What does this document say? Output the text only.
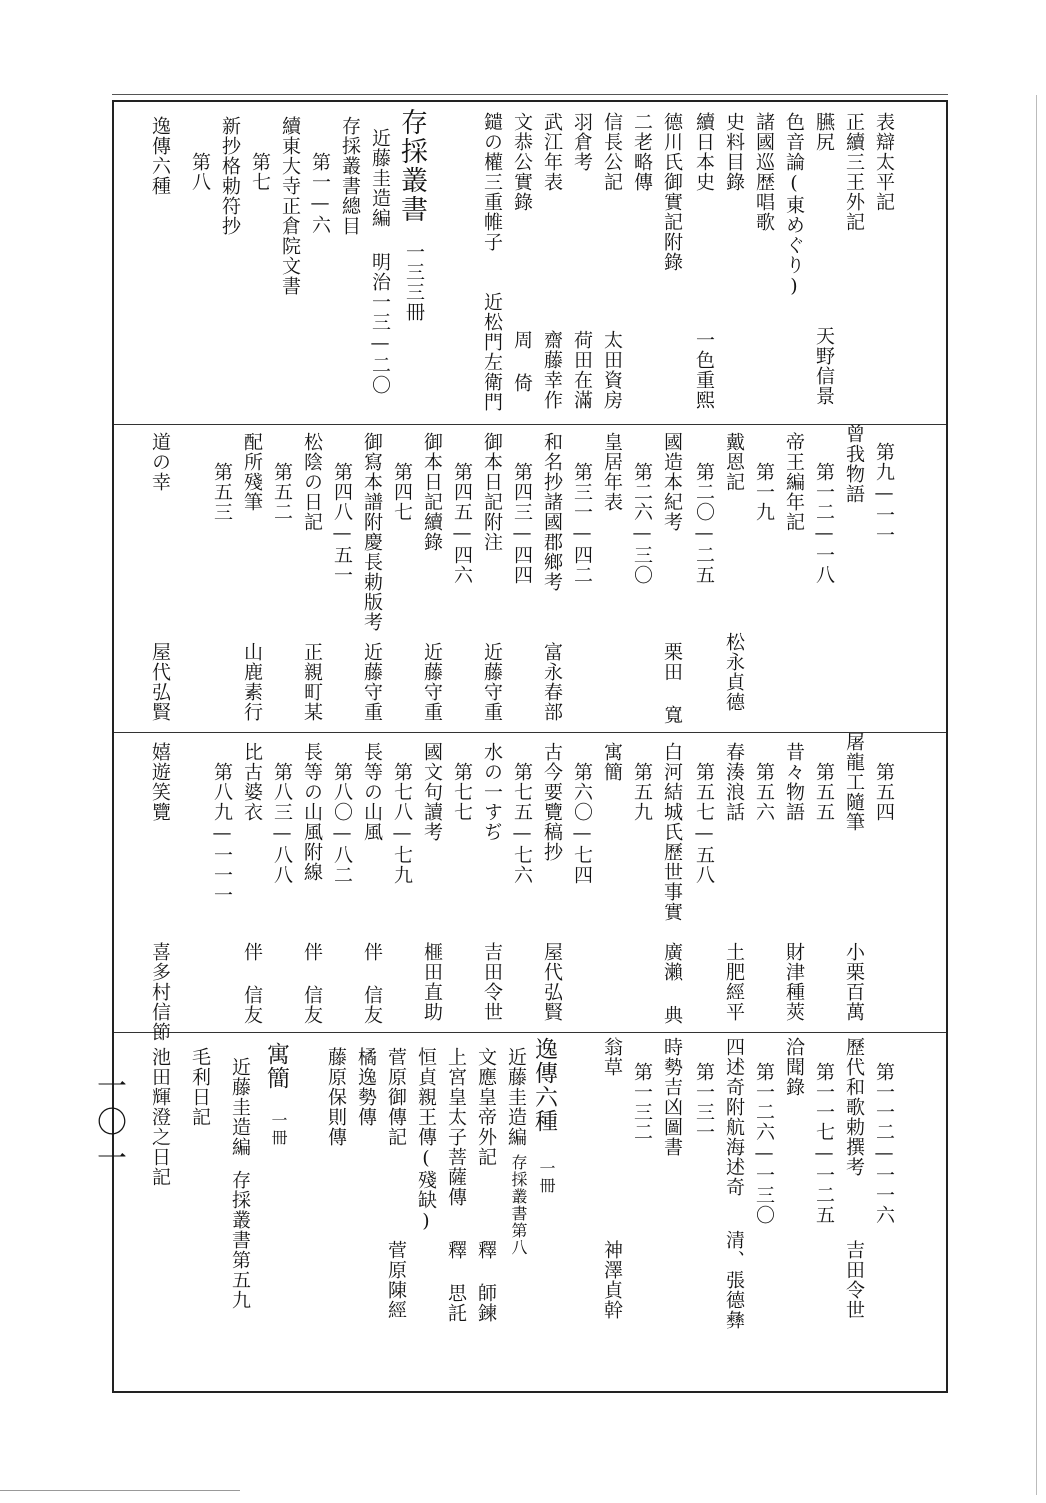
表辯太平記
正續三王外記
臙尻
色音論(東めぐり)
諸國巡歴唱歌
史料目錄
續日本史
德川氏御實記附錄
二老略傳
信長公記
羽倉考
武江年表
文恭公實錄
鑓の權三重帷子
存採叢書
近藤圭造編
存採叢書總目
第一—六
續東大寺正倉院文書
第七
新抄格勅符抄
第八
逸傳六種
天野信景
一色重熙
太田資房
荷田在滿
齋藤幸作
周 倚
近松門左衛門
一三三冊
明治一三—二〇
第九—一一
曾我物語
第一二—一八
帝王編年記
第一九
戴恩記
第二〇—二五
國造本紀考
第二六—三〇
皇居年表
第三一—四二
和名抄諸國郡鄉考
第四三—四四
御本日記附注
第四五—四六
御本日記續錄
第四七
御寫本譜附慶長勅版考
第四八—五一
松陰の日記
第五二
配所殘筆
第五三
道の幸
松永貞德
栗田 寬
富永春部
近藤守重
近藤守重
近藤守重
正親町某
山鹿素行
屋代弘賢
第五四
屠龍工隨筆
第五五
昔々物語
第五六
春湊浪話
第五七—五八
白河結城氏歷世事實
第五九
寓簡
第六〇—七四
古今要覽稿抄
第七五—七六
水の一すぢ
第七七
國文句讀考
第七八—七九
長等の山風
第八〇—八二
長等の山風附線
第八三—八八
比古婆衣
第八九—一一一
嬉遊笑覽
小栗百萬
財津種莢
土肥經平
廣瀨 典
屋代弘賢
吉田令世
榧田直助
伴 信友
伴 信友
伴 信友
喜多村信節
第一一二—一一六
歷代和歌勅撰考
第一一七—一二五
洽聞錄
第一二六—一三〇
四述奇附航海述奇
第一三一
時勢吉凶圖書
第一三二
翁草
逸傳六種
一冊
近藤圭造編
存採叢書第八
文應皇帝外記
上宮皇太子菩薩傳
恒貞親王傳(殘缺)
菅原御傳記
橘逸勢傳
藤原保則傳
寓簡
一冊
近藤圭造編
存採叢書第五九
毛利日記
池田輝澄之日記
吉田令世
清、張德彝
神澤貞幹
釋 師鍊
釋 思託
菅原陳經
一〇一
